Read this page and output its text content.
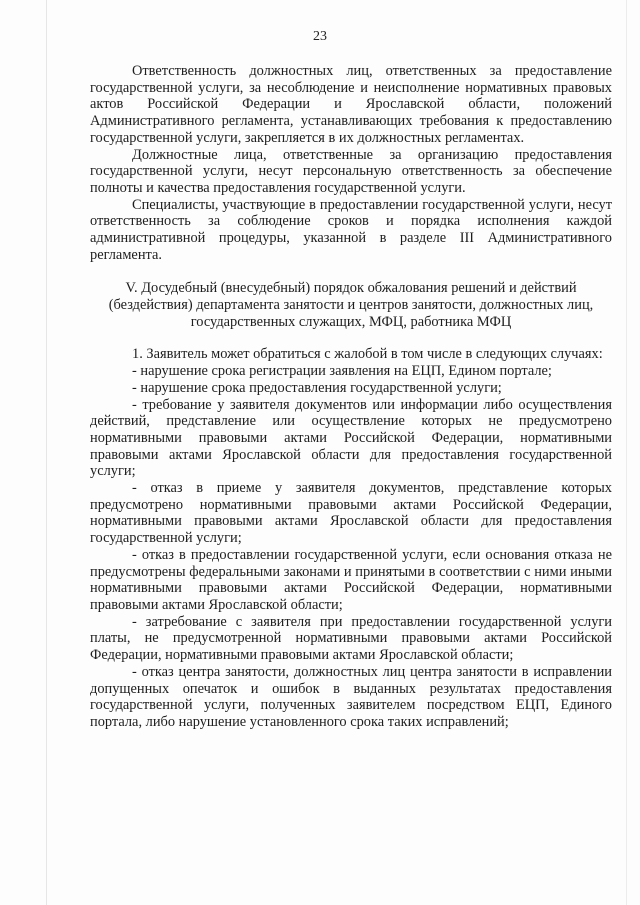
23

Ответственность должностных лиц, ответственных за предоставление государственной услуги, за несоблюдение и неисполнение нормативных правовых актов Российской Федерации и Ярославской области, положений Административного регламента, устанавливающих требования к предоставлению государственной услуги, закрепляется в их должностных регламентах.

Должностные лица, ответственные за организацию предоставления государственной услуги, несут персональную ответственность за обеспечение полноты и качества предоставления государственной услуги.

Специалисты, участвующие в предоставлении государственной услуги, несут ответственность за соблюдение сроков и порядка исполнения каждой административной процедуры, указанной в разделе III Административного регламента.

V. Досудебный (внесудебный) порядок обжалования решений и действий (бездействия) департамента занятости и центров занятости, должностных лиц, государственных служащих, МФЦ, работника МФЦ

1. Заявитель может обратиться с жалобой в том числе в следующих случаях:

- нарушение срока регистрации заявления на ЕЦП, Едином портале;

- нарушение срока предоставления государственной услуги;

- требование у заявителя документов или информации либо осуществления действий, представление или осуществление которых не предусмотрено нормативными правовыми актами Российской Федерации, нормативными правовыми актами Ярославской области для предоставления государственной услуги;

- отказ в приеме у заявителя документов, представление которых предусмотрено нормативными правовыми актами Российской Федерации, нормативными правовыми актами Ярославской области для предоставления государственной услуги;

- отказ в предоставлении государственной услуги, если основания отказа не предусмотрены федеральными законами и принятыми в соответствии с ними иными нормативными правовыми актами Российской Федерации, нормативными правовыми актами Ярославской области;

- затребование с заявителя при предоставлении государственной услуги платы, не предусмотренной нормативными правовыми актами Российской Федерации, нормативными правовыми актами Ярославской области;

- отказ центра занятости, должностных лиц центра занятости в исправлении допущенных опечаток и ошибок в выданных результатах предоставления государственной услуги, полученных заявителем посредством ЕЦП, Единого портала, либо нарушение установленного срока таких исправлений;
